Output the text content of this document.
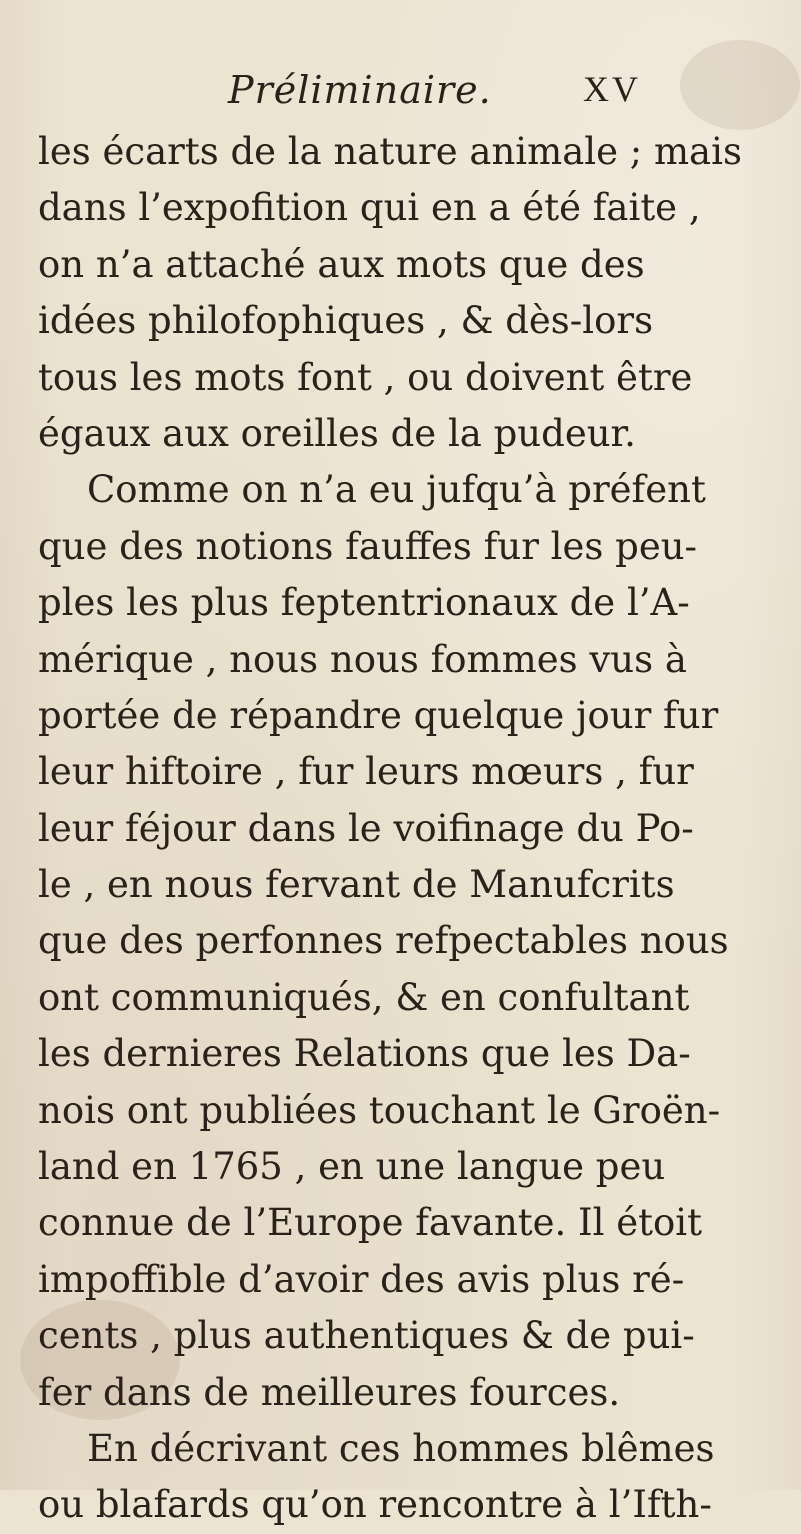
Préliminaire.	XV
les écarts de la nature animale ; mais
dans l’expofition qui en a été faite ,
on n’a attaché aux mots que des
idées philofophiques , & dès-lors
tous les mots font , ou doivent être
égaux aux oreilles de la pudeur.
Comme on n’a eu jufqu’à préfent
que des notions fauffes fur les peu-
ples les plus feptentrionaux de l’A-
mérique , nous nous fommes vus à
portée de répandre quelque jour fur
leur hiftoire , fur leurs mœurs , fur
leur féjour dans le voifinage du Po-
le , en nous fervant de Manufcrits
que des perfonnes refpectables nous
ont communiqués, & en confultant
les dernieres Relations que les Da-
nois ont publiées touchant le Groën-
land en 1765 , en une langue peu
connue de l’Europe favante. Il étoit
impoffible d’avoir des avis plus ré-
cents , plus authentiques & de pui-
fer dans de meilleures fources.
En décrivant ces hommes blêmes
ou blafards qu’on rencontre à l’Ifth-
